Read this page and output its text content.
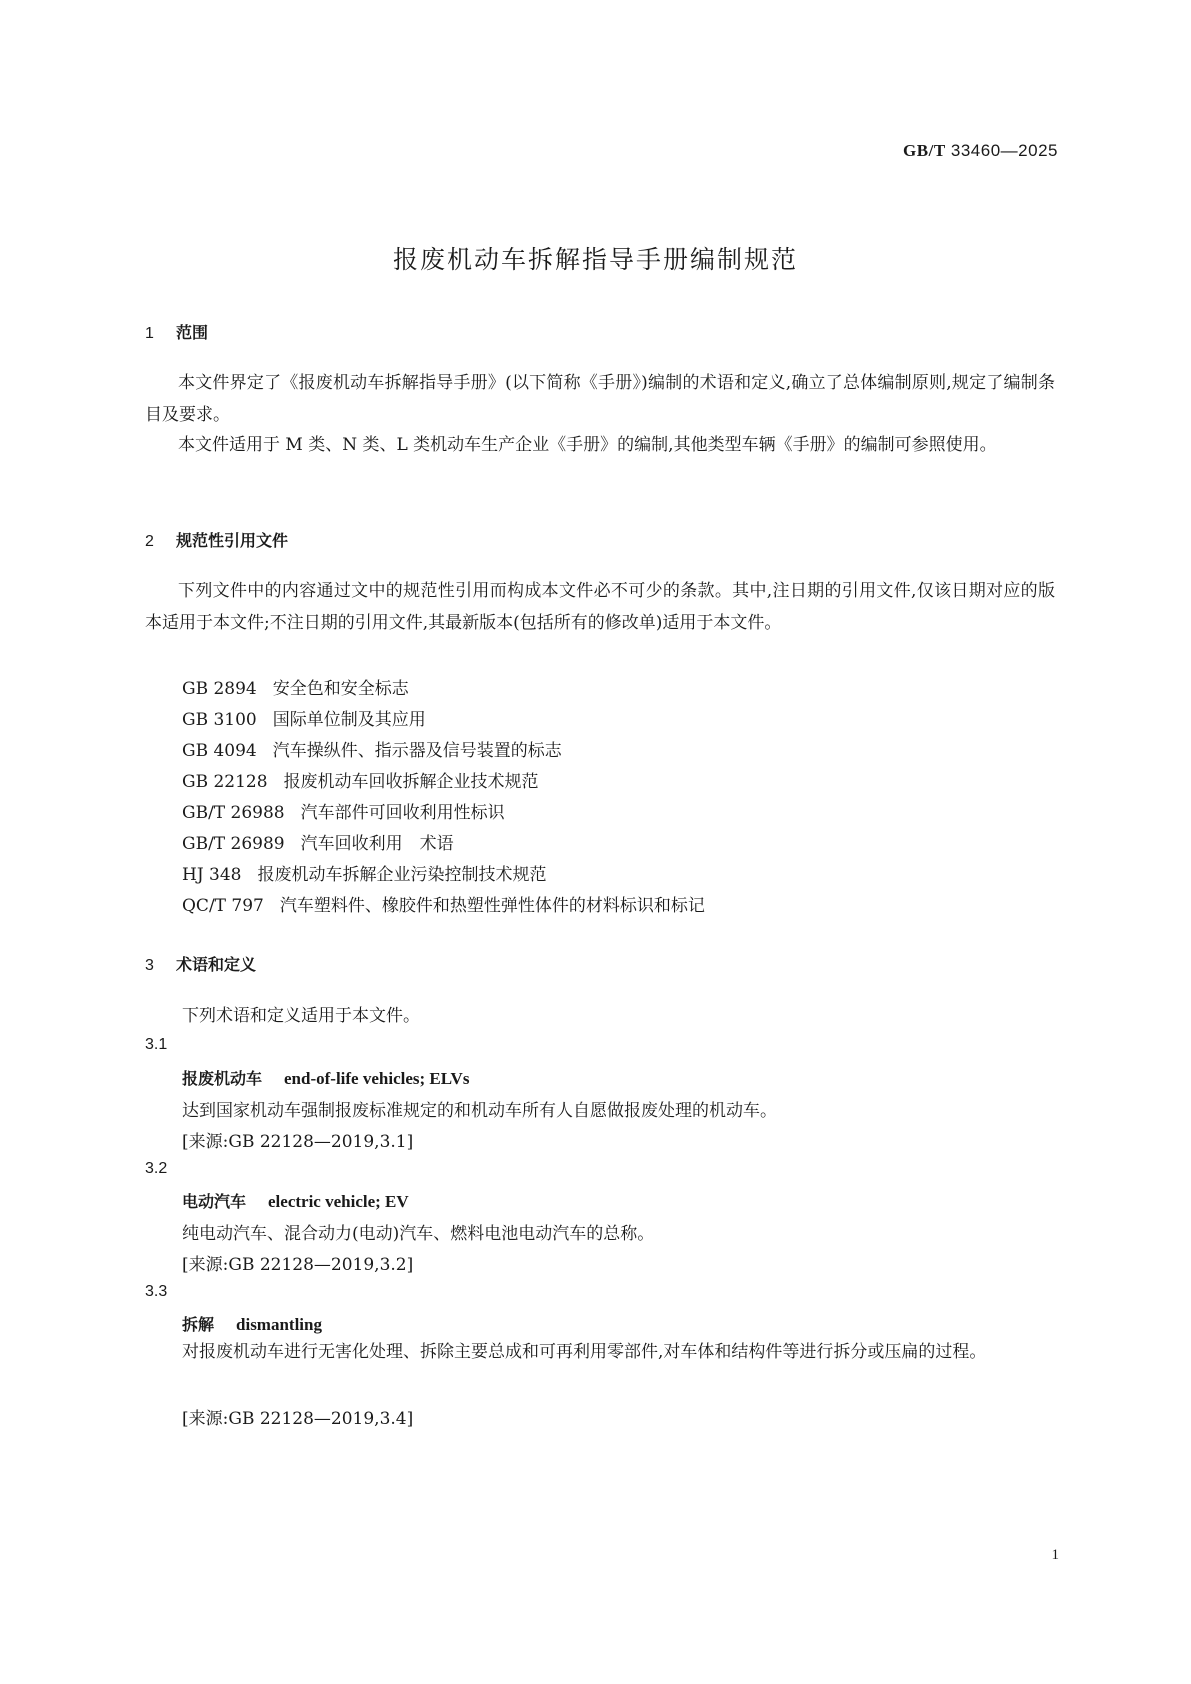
GB/T 33460—2025
报废机动车拆解指导手册编制规范
1 范围
本文件界定了《报废机动车拆解指导手册》(以下简称《手册》)编制的术语和定义,确立了总体编制原则,规定了编制条目及要求。
本文件适用于 M 类、N 类、L 类机动车生产企业《手册》的编制,其他类型车辆《手册》的编制可参照使用。
2 规范性引用文件
下列文件中的内容通过文中的规范性引用而构成本文件必不可少的条款。其中,注日期的引用文件,仅该日期对应的版本适用于本文件;不注日期的引用文件,其最新版本(包括所有的修改单)适用于本文件。
GB 2894 安全色和安全标志
GB 3100 国际单位制及其应用
GB 4094 汽车操纵件、指示器及信号装置的标志
GB 22128 报废机动车回收拆解企业技术规范
GB/T 26988 汽车部件可回收利用性标识
GB/T 26989 汽车回收利用　术语
HJ 348 报废机动车拆解企业污染控制技术规范
QC/T 797 汽车塑料件、橡胶件和热塑性弹性体件的材料标识和标记
3 术语和定义
下列术语和定义适用于本文件。
3.1
报废机动车 end-of-life vehicles; ELVs
达到国家机动车强制报废标准规定的和机动车所有人自愿做报废处理的机动车。
[来源:GB 22128—2019,3.1]
3.2
电动汽车 electric vehicle; EV
纯电动汽车、混合动力(电动)汽车、燃料电池电动汽车的总称。
[来源:GB 22128—2019,3.2]
3.3
拆解 dismantling
对报废机动车进行无害化处理、拆除主要总成和可再利用零部件,对车体和结构件等进行拆分或压扁的过程。
[来源:GB 22128—2019,3.4]
1
